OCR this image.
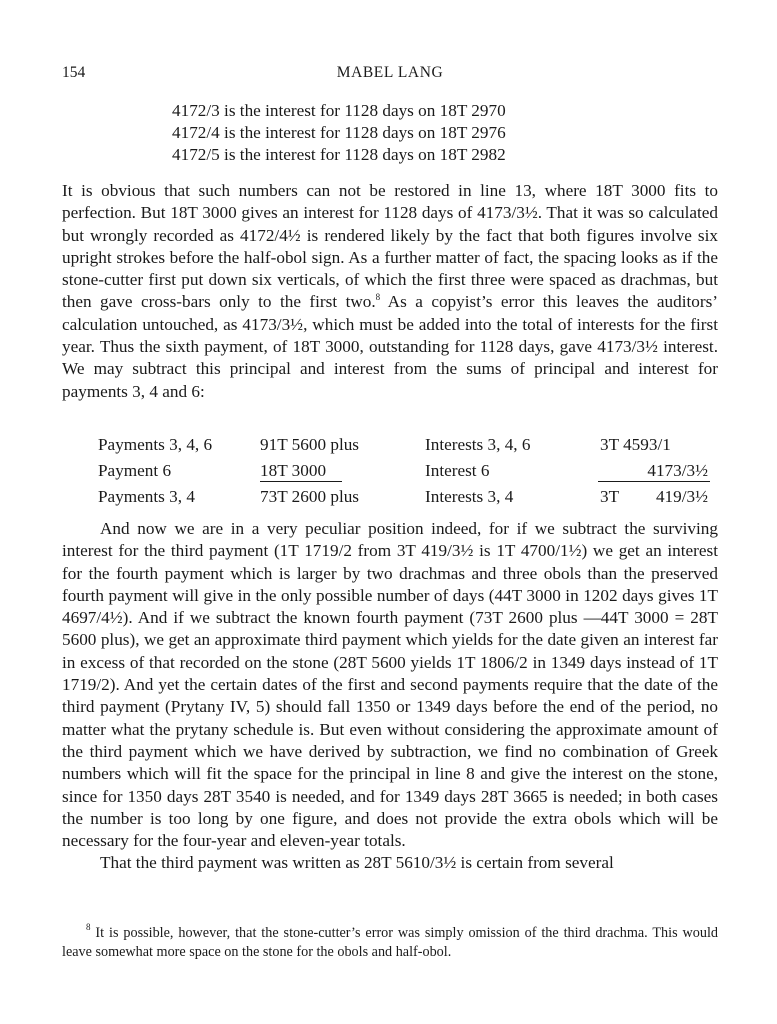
154	MABEL LANG
4172/3 is the interest for 1128 days on 18T 2970
4172/4 is the interest for 1128 days on 18T 2976
4172/5 is the interest for 1128 days on 18T 2982

It is obvious that such numbers can not be restored in line 13, where 18T 3000 fits to perfection. But 18T 3000 gives an interest for 1128 days of 4173/3½. That it was so calculated but wrongly recorded as 4172/4½ is rendered likely by the fact that both figures involve six upright strokes before the half-obol sign. As a further matter of fact, the spacing looks as if the stone-cutter first put down six verticals, of which the first three were spaced as drachmas, but then gave cross-bars only to the first two.$^8$ As a copyist’s error this leaves the auditors’ calculation untouched, as 4173/3½, which must be added into the total of interests for the first year. Thus the sixth payment, of 18T 3000, outstanding for 1128 days, gave 4173/3½ interest. We may subtract this principal and interest from the sums of principal and interest for payments 3, 4 and 6:

Payments 3, 4, 6	91T 5600 plus	Interests 3, 4, 6	3T 4593/1
Payment 6	18T 3000	Interest 6	4173/3½
Payments 3, 4	73T 2600 plus	Interests 3, 4	3T 419/3½

And now we are in a very peculiar position indeed, for if we subtract the surviving interest for the third payment (1T 1719/2 from 3T 419/3½ is 1T 4700/1½) we get an interest for the fourth payment which is larger by two drachmas and three obols than the preserved fourth payment will give in the only possible number of days (44T 3000 in 1202 days gives 1T 4697/4½). And if we subtract the known fourth payment (73T 2600 plus —44T 3000 = 28T 5600 plus), we get an approximate third payment which yields for the date given an interest far in excess of that recorded on the stone (28T 5600 yields 1T 1806/2 in 1349 days instead of 1T 1719/2). And yet the certain dates of the first and second payments require that the date of the third payment (Prytany IV, 5) should fall 1350 or 1349 days before the end of the period, no matter what the prytany schedule is. But even without considering the approximate amount of the third payment which we have derived by subtraction, we find no combination of Greek numbers which will fit the space for the principal in line 8 and give the interest on the stone, since for 1350 days 28T 3540 is needed, and for 1349 days 28T 3665 is needed; in both cases the number is too long by one figure, and does not provide the extra obols which will be necessary for the four-year and eleven-year totals.

That the third payment was written as 28T 5610/3½ is certain from several

$^8$ It is possible, however, that the stone-cutter’s error was simply omission of the third drachma. This would leave somewhat more space on the stone for the obols and half-obol.
